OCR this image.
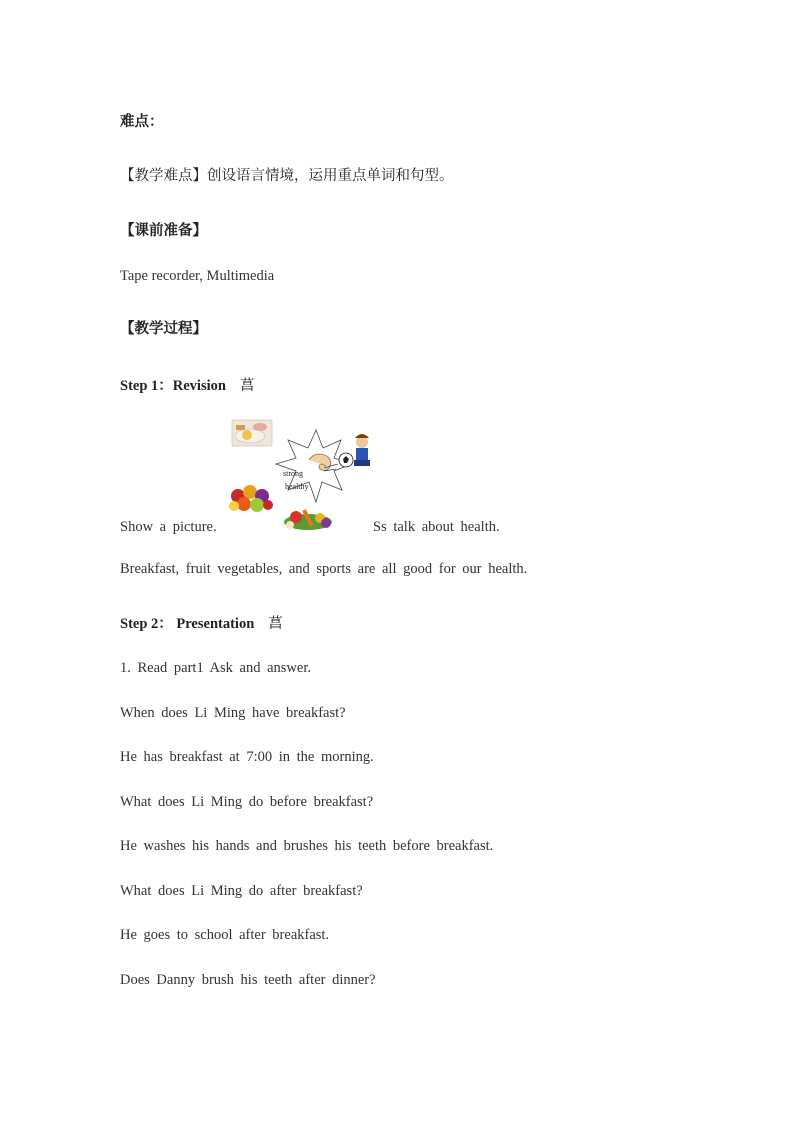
难点：
【教学难点】创设语言情境，运用重点单词和句型。
【课前准备】
Tape recorder, Multimedia
【教学过程】
Step 1：Revision 菖
strong
healthy
Show a picture.	Ss talk about health.
Breakfast, fruit vegetables, and sports are all good for our health.
Step 2： Presentation 菖
1. Read part1 Ask and answer.
When does Li Ming have breakfast?
He has breakfast at 7:00 in the morning.
What does Li Ming do before breakfast?
He washes his hands and brushes his teeth before breakfast.
What does Li Ming do after breakfast?
He goes to school after breakfast.
Does Danny brush his teeth after dinner?
